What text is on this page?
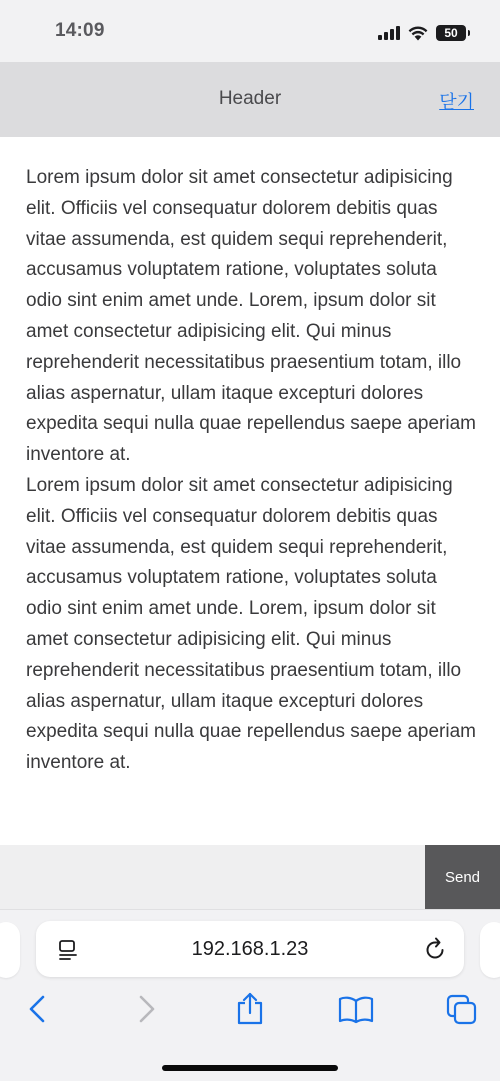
14:09	50
Header	닫기

Lorem ipsum dolor sit amet consectetur adipisicing elit. Officiis vel consequatur dolorem debitis quas vitae assumenda, est quidem sequi reprehenderit, accusamus voluptatem ratione, voluptates soluta odio sint enim amet unde. Lorem, ipsum dolor sit amet consectetur adipisicing elit. Qui minus reprehenderit necessitatibus praesentium totam, illo alias aspernatur, ullam itaque excepturi dolores expedita sequi nulla quae repellendus saepe aperiam inventore at.

Lorem ipsum dolor sit amet consectetur adipisicing elit. Officiis vel consequatur dolorem debitis quas vitae assumenda, est quidem sequi reprehenderit, accusamus voluptatem ratione, voluptates soluta odio sint enim amet unde. Lorem, ipsum dolor sit amet consectetur adipisicing elit. Qui minus reprehenderit necessitatibus praesentium totam, illo alias aspernatur, ullam itaque excepturi dolores expedita sequi nulla quae repellendus saepe aperiam inventore at.

Send
192.168.1.23
